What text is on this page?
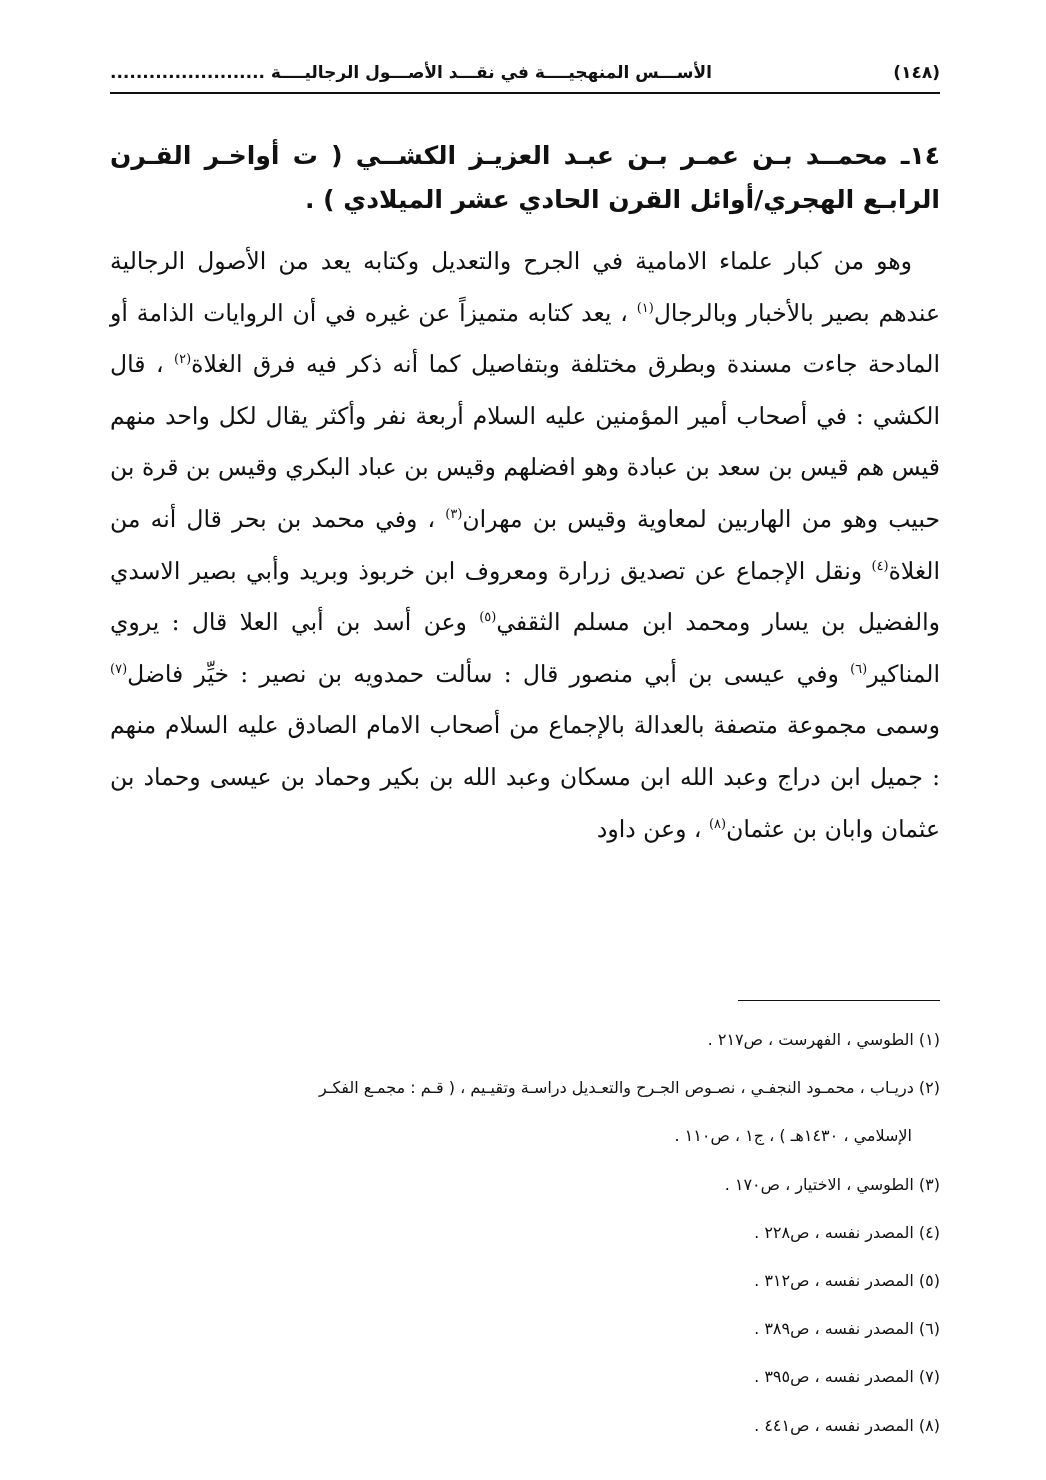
(١٤٨)
الأســـس المنهجيــــة في نقـــد الأصـــول الرجاليــــة ........................
١٤ـ محمــد بـن عمـر بـن عبـد العزيـز الكشــي ( ت أواخـر القـرن الرابـع الهجري/أوائل القرن الحادي عشر الميلادي ) .

وهو من كبار علماء الامامية في الجرح والتعديل وكتابه يعد من الأصول الرجالية عندهم بصير بالأخبار وبالرجال$^{(١)}$ ، يعد كتابه متميزاً عن غيره في أن الروايات الذامة أو المادحة جاءت مسندة وبطرق مختلفة وبتفاصيل كما أنه ذكر فيه فرق الغلاة$^{(٢)}$ ، قال الكشي : في أصحاب أمير المؤمنين عليه السلام أربعة نفر وأكثر يقال لكل واحد منهم قيس هم قيس بن سعد بن عبادة وهو افضلهم وقيس بن عباد البكري وقيس بن قرة بن حبيب وهو من الهاربين لمعاوية وقيس بن مهران$^{(٣)}$ ، وفي محمد بن بحر قال أنه من الغلاة$^{(٤)}$ ونقل الإجماع عن تصديق زرارة ومعروف ابن خربوذ وبريد وأبي بصير الاسدي والفضيل بن يسار ومحمد ابن مسلم الثقفي$^{(٥)}$ وعن أسد بن أبي العلا قال : يروي المناكير$^{(٦)}$ وفي عيسى بن أبي منصور قال : سألت حمدويه بن نصير : خيِّر فاضل$^{(٧)}$ وسمى مجموعة متصفة بالعدالة بالإجماع من أصحاب الامام الصادق عليه السلام منهم : جميل ابن دراج وعبد الله ابن مسكان وعبد الله بن بكير وحماد بن عيسى وحماد بن عثمان وابان بن عثمان$^{(٨)}$ ، وعن داود

(١) الطوسي ، الفهرست ، ص٢١٧ .
(٢) دريـاب ، محمـود النجفـي ، نصـوص الجـرح والتعـديل دراسـة وتقيـيم ، ( قـم : مجمـع الفكـر
الإسلامي ، ١٤٣٠هـ ) ، ج١ ، ص١١٠ .
(٣) الطوسي ، الاختيار ، ص١٧٠ .
(٤) المصدر نفسه ، ص٢٢٨ .
(٥) المصدر نفسه ، ص٣١٢ .
(٦) المصدر نفسه ، ص٣٨٩ .
(٧) المصدر نفسه ، ص٣٩٥ .
(٨) المصدر نفسه ، ص٤٤١ .
